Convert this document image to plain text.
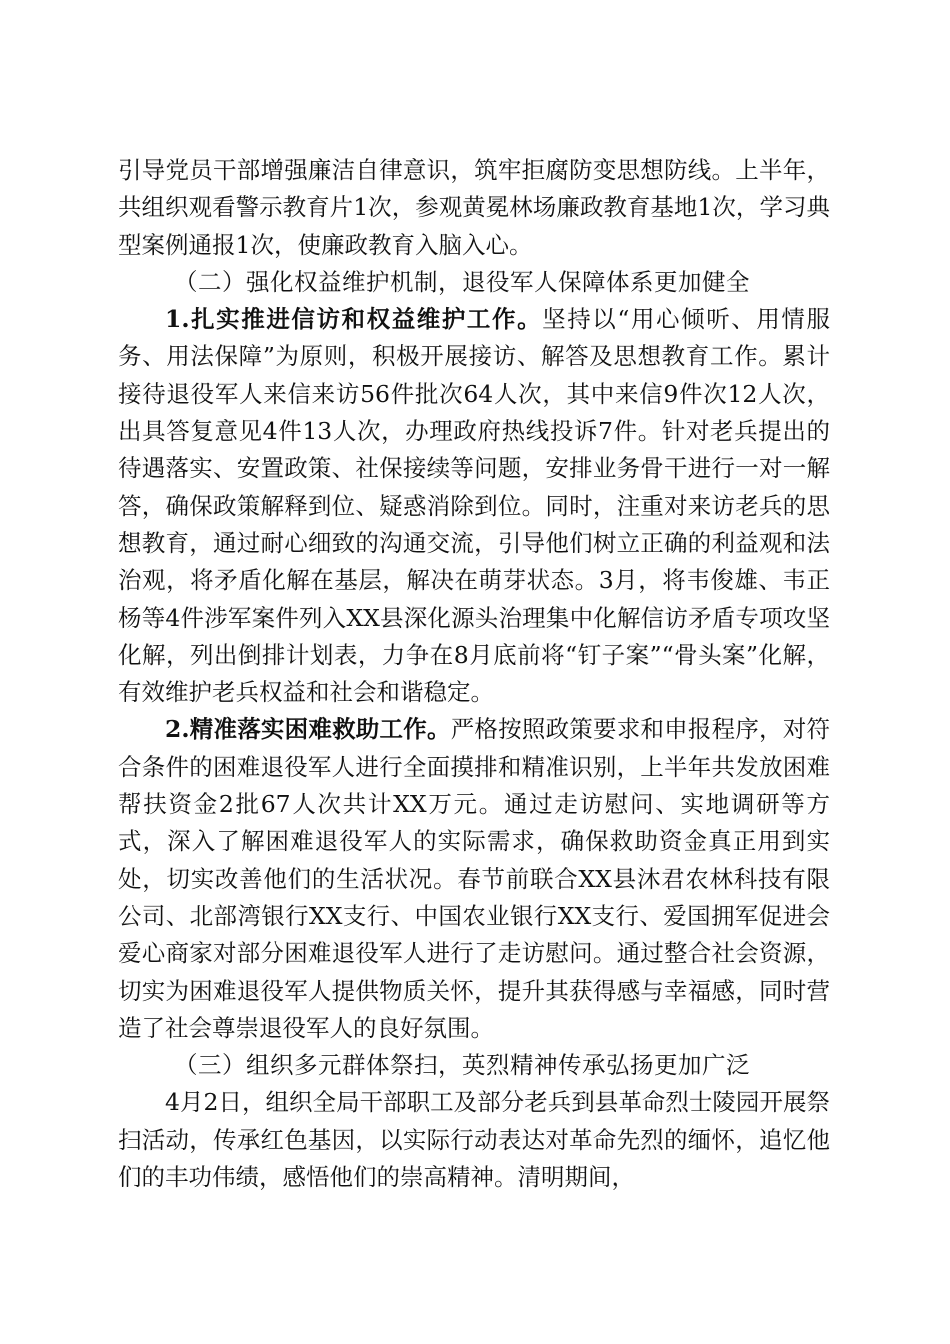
引导党员干部增强廉洁自律意识，筑牢拒腐防变思想防线。上半年，共组织观看警示教育片1次，参观黄冕林场廉政教育基地1次，学习典型案例通报1次，使廉政教育入脑入心。

（二）强化权益维护机制，退役军人保障体系更加健全

1.扎实推进信访和权益维护工作。坚持以“用心倾听、用情服务、用法保障”为原则，积极开展接访、解答及思想教育工作。累计接待退役军人来信来访56件批次64人次，其中来信9件次12人次，出具答复意见4件13人次，办理政府热线投诉7件。针对老兵提出的待遇落实、安置政策、社保接续等问题，安排业务骨干进行一对一解答，确保政策解释到位、疑惑消除到位。同时，注重对来访老兵的思想教育，通过耐心细致的沟通交流，引导他们树立正确的利益观和法治观，将矛盾化解在基层，解决在萌芽状态。3月，将韦俊雄、韦正杨等4件涉军案件列入XX县深化源头治理集中化解信访矛盾专项攻坚化解，列出倒排计划表，力争在8月底前将“钉子案”“骨头案”化解，有效维护老兵权益和社会和谐稳定。

2.精准落实困难救助工作。严格按照政策要求和申报程序，对符合条件的困难退役军人进行全面摸排和精准识别，上半年共发放困难帮扶资金2批67人次共计XX万元。通过走访慰问、实地调研等方式，深入了解困难退役军人的实际需求，确保救助资金真正用到实处，切实改善他们的生活状况。春节前联合XX县沐君农林科技有限公司、北部湾银行XX支行、中国农业银行XX支行、爱国拥军促进会爱心商家对部分困难退役军人进行了走访慰问。通过整合社会资源，切实为困难退役军人提供物质关怀，提升其获得感与幸福感，同时营造了社会尊崇退役军人的良好氛围。

（三）组织多元群体祭扫，英烈精神传承弘扬更加广泛

4月2日，组织全局干部职工及部分老兵到县革命烈士陵园开展祭扫活动，传承红色基因，以实际行动表达对革命先烈的缅怀，追忆他们的丰功伟绩，感悟他们的崇高精神。清明期间，
